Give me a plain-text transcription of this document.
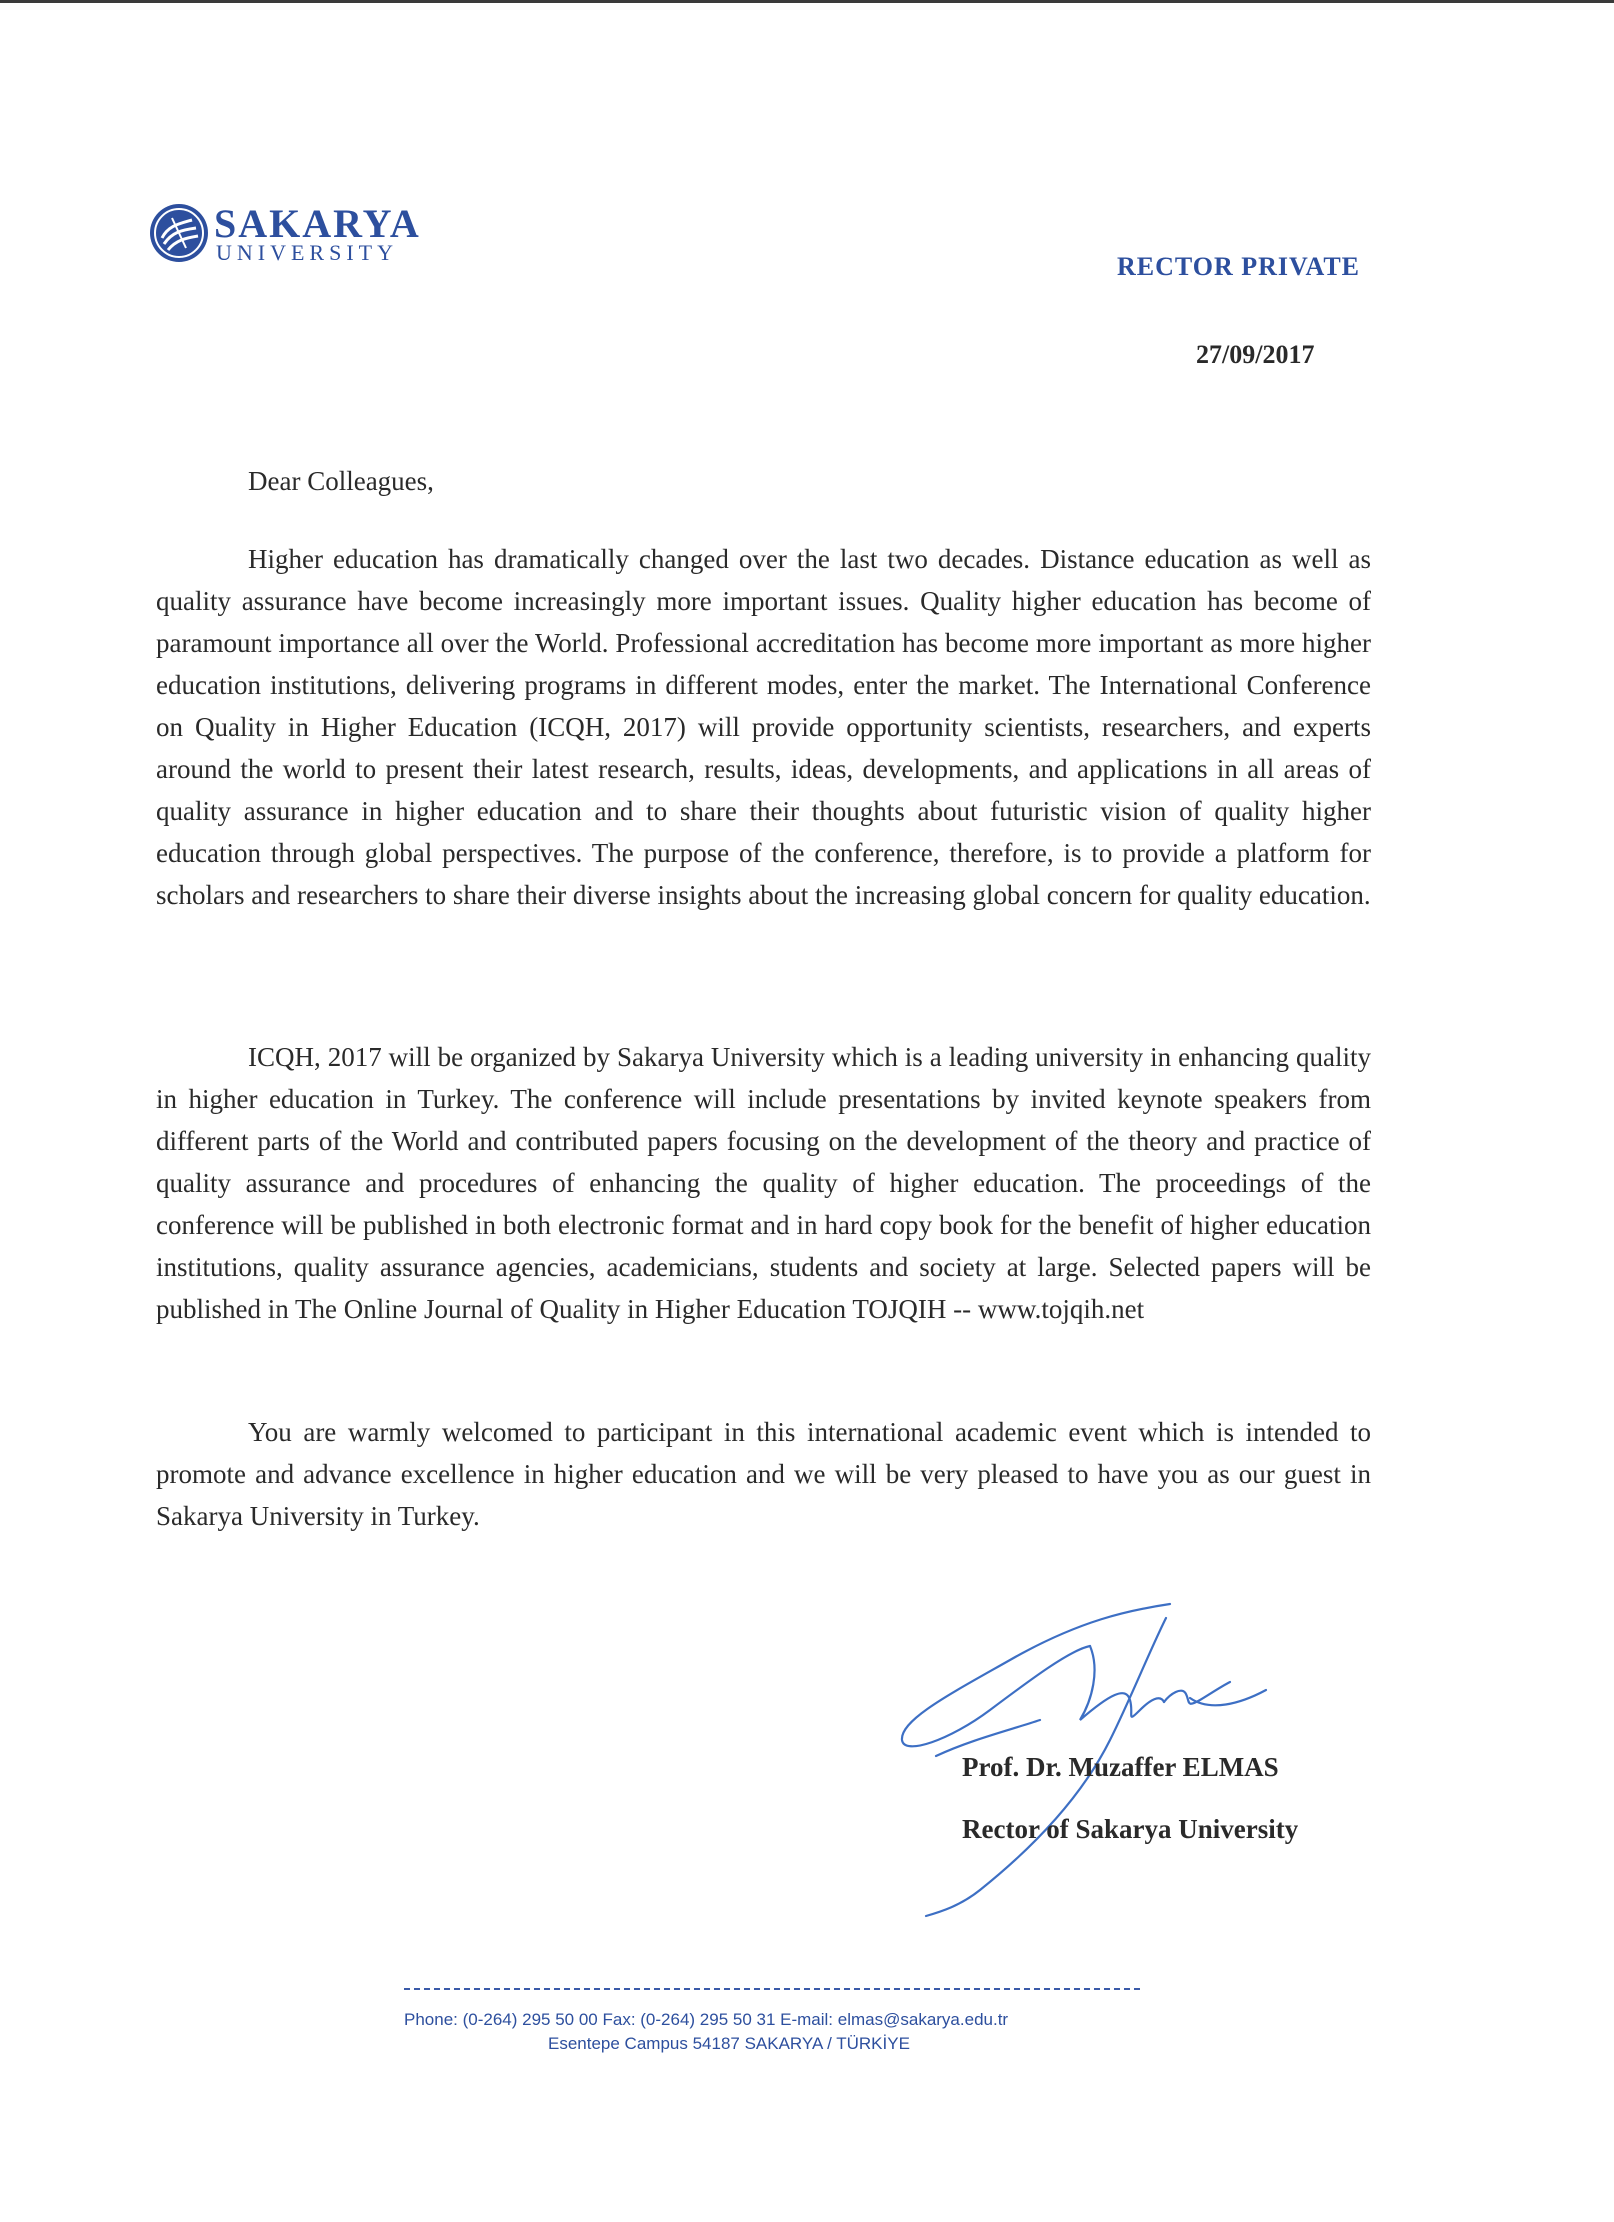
SAKARYA
UNIVERSITY	RECTOR PRIVATE
27/09/2017
Dear Colleagues,

Higher education has dramatically changed over the last two decades. Distance education as well as quality assurance have become increasingly more important issues. Quality higher education has become of paramount importance all over the World. Professional accreditation has become more important as more higher education institutions, delivering programs in different modes, enter the market. The International Conference on Quality in Higher Education (ICQH, 2017) will provide opportunity scientists, researchers, and experts around the world to present their latest research, results, ideas, developments, and applications in all areas of quality assurance in higher education and to share their thoughts about futuristic vision of quality higher education through global perspectives. The purpose of the conference, therefore, is to provide a platform for scholars and researchers to share their diverse insights about the increasing global concern for quality education.

ICQH, 2017 will be organized by Sakarya University which is a leading university in enhancing quality in higher education in Turkey. The conference will include presentations by invited keynote speakers from different parts of the World and contributed papers focusing on the development of the theory and practice of quality assurance and procedures of enhancing the quality of higher education. The proceedings of the conference will be published in both electronic format and in hard copy book for the benefit of higher education institutions, quality assurance agencies, academicians, students and society at large. Selected papers will be published in The Online Journal of Quality in Higher Education TOJQIH -- www.tojqih.net

You are warmly welcomed to participant in this international academic event which is intended to promote and advance excellence in higher education and we will be very pleased to have you as our guest in Sakarya University in Turkey.

Prof. Dr. Muzaffer ELMAS
Rector of Sakarya University
Phone: (0-264) 295 50 00 Fax: (0-264) 295 50 31 E-mail: elmas@sakarya.edu.tr
Esentepe Campus 54187 SAKARYA / TÜRKİYE
